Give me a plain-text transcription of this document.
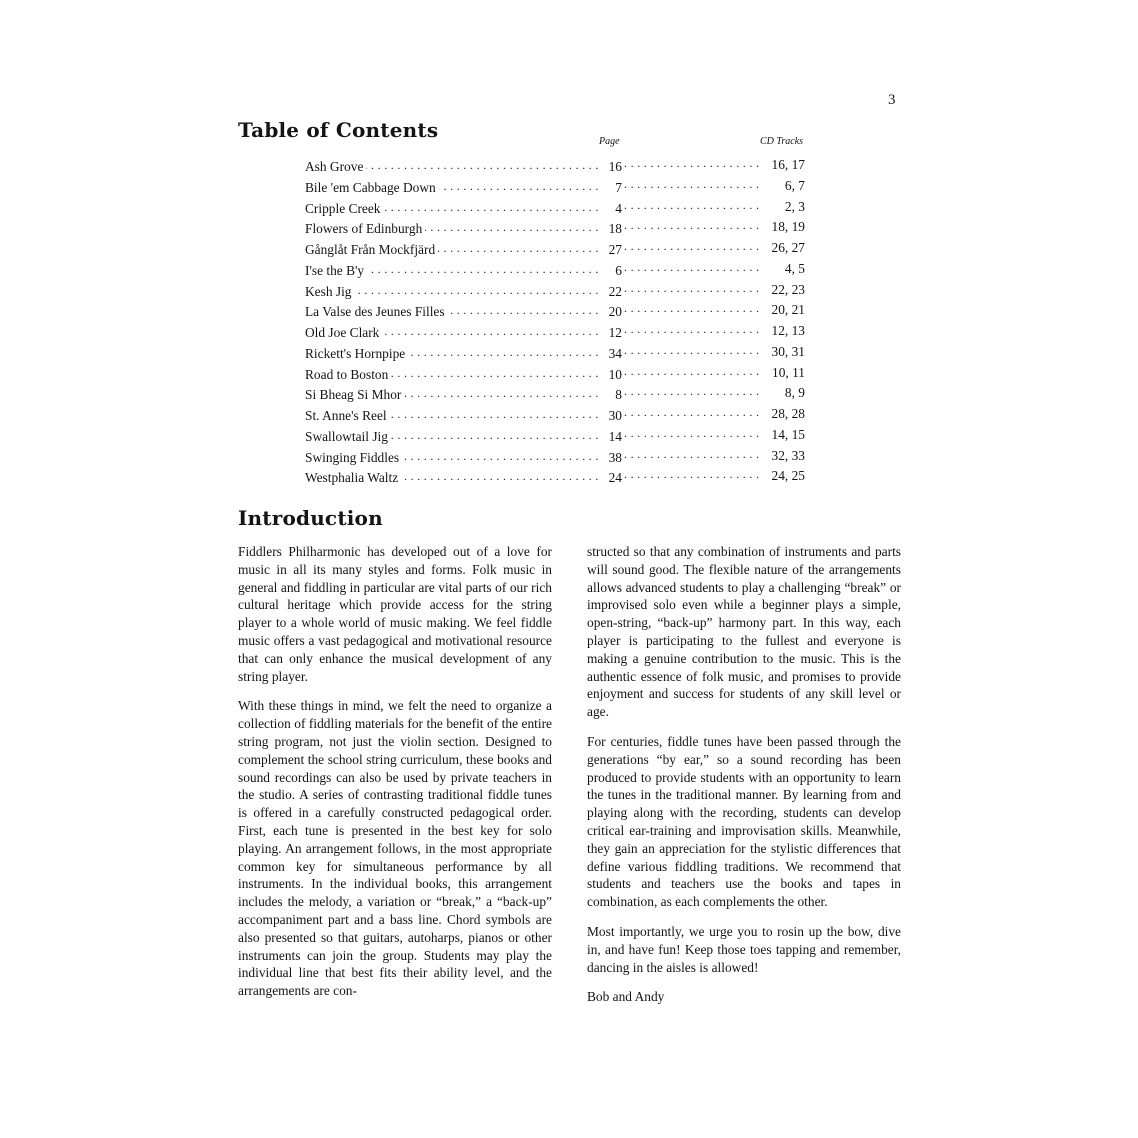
3
Table of Contents	Page	CD Tracks
Ash Grove . . .	16 . . .	16, 17
Bile 'em Cabbage Down . . .	7 . . .	6, 7
Cripple Creek . . .	4 . . .	2, 3
Flowers of Edinburgh . . .	18 . . .	18, 19
Gånglåt Från Mockfjärd . . .	27 . . .	26, 27
I'se the B'y . . .	6 . . .	4, 5
Kesh Jig . . .	22 . . .	22, 23
La Valse des Jeunes Filles . . .	20 . . .	20, 21
Old Joe Clark . . .	12 . . .	12, 13
Rickett's Hornpipe . . .	34 . . .	30, 31
Road to Boston . . .	10 . . .	10, 11
Si Bheag Si Mhor . . .	8 . . .	8, 9
St. Anne's Reel . . .	30 . . .	28, 28
Swallowtail Jig . . .	14 . . .	14, 15
Swinging Fiddles . . .	38 . . .	32, 33
Westphalia Waltz . . .	24 . . .	24, 25
Introduction

Fiddlers Philharmonic has developed out of a love for music in all its many styles and forms. Folk music in general and fiddling in particular are vital parts of our rich cultural heritage which provide access for the string player to a whole world of music making. We feel fiddle music offers a vast pedagogical and motivational resource that can only enhance the musical development of any string player.

With these things in mind, we felt the need to organize a collection of fiddling materials for the benefit of the entire string program, not just the violin section. Designed to complement the school string curriculum, these books and sound recordings can also be used by private teachers in the studio. A series of contrasting traditional fiddle tunes is offered in a carefully constructed pedagogical order. First, each tune is presented in the best key for solo playing. An arrangement follows, in the most appropriate common key for simultaneous performance by all instruments. In the individual books, this arrangement includes the melody, a variation or “break,” a “back-up” accompaniment part and a bass line. Chord symbols are also presented so that guitars, autoharps, pianos or other instruments can join the group. Students may play the individual line that best fits their ability level, and the arrangements are con-

structed so that any combination of instruments and parts will sound good. The flexible nature of the arrangements allows advanced students to play a challenging “break” or improvised solo even while a beginner plays a simple, open-string, “back-up” harmony part. In this way, each player is participating to the fullest and everyone is making a genuine contribution to the music. This is the authentic essence of folk music, and promises to provide enjoyment and success for students of any skill level or age.

For centuries, fiddle tunes have been passed through the generations “by ear,” so a sound recording has been produced to provide students with an opportunity to learn the tunes in the traditional manner. By learning from and playing along with the recording, students can develop critical ear-training and improvisation skills. Meanwhile, they gain an appreciation for the stylistic differences that define various fiddling traditions. We recommend that students and teachers use the books and tapes in combination, as each complements the other.

Most importantly, we urge you to rosin up the bow, dive in, and have fun! Keep those toes tapping and remember, dancing in the aisles is allowed!

Bob and Andy
